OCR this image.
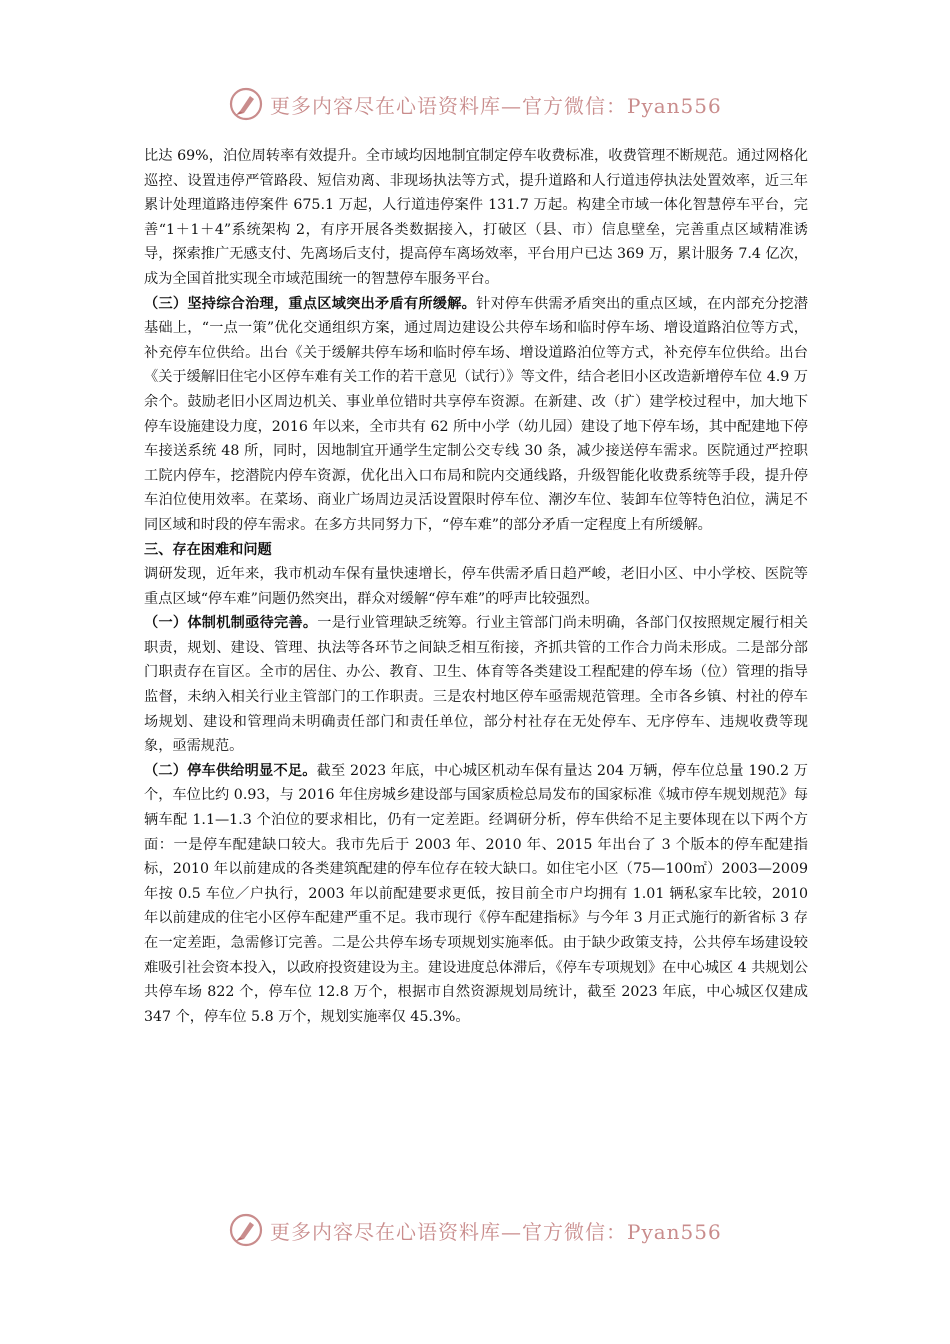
更多内容尽在心语资料库—官方微信：Pyan556

比达 69%，泊位周转率有效提升。全市域均因地制宜制定停车收费标准，收费管理不断规范。通过网格化巡控、设置违停严管路段、短信劝离、非现场执法等方式，提升道路和人行道违停执法处置效率，近三年累计处理道路违停案件 675.1 万起，人行道违停案件 131.7 万起。构建全市域一体化智慧停车平台，完善“1＋1＋4”系统架构 2，有序开展各类数据接入，打破区（县、市）信息壁垒，完善重点区域精准诱导，探索推广无感支付、先离场后支付，提高停车离场效率，平台用户已达 369 万，累计服务 7.4 亿次，成为全国首批实现全市域范围统一的智慧停车服务平台。

（三）坚持综合治理，重点区域突出矛盾有所缓解。针对停车供需矛盾突出的重点区域，在内部充分挖潜基础上，“一点一策”优化交通组织方案，通过周边建设公共停车场和临时停车场、增设道路泊位等方式，补充停车位供给。出台《关于缓解共停车场和临时停车场、增设道路泊位等方式，补充停车位供给。出台《关于缓解旧住宅小区停车难有关工作的若干意见（试行）》等文件，结合老旧小区改造新增停车位 4.9 万余个。鼓励老旧小区周边机关、事业单位错时共享停车资源。在新建、改（扩）建学校过程中，加大地下停车设施建设力度，2016 年以来，全市共有 62 所中小学（幼儿园）建设了地下停车场，其中配建地下停车接送系统 48 所，同时，因地制宜开通学生定制公交专线 30 条，减少接送停车需求。医院通过严控职工院内停车，挖潜院内停车资源，优化出入口布局和院内交通线路，升级智能化收费系统等手段，提升停车泊位使用效率。在菜场、商业广场周边灵活设置限时停车位、潮汐车位、装卸车位等特色泊位，满足不同区域和时段的停车需求。在多方共同努力下，“停车难”的部分矛盾一定程度上有所缓解。

三、存在困难和问题

调研发现，近年来，我市机动车保有量快速增长，停车供需矛盾日趋严峻，老旧小区、中小学校、医院等重点区域“停车难”问题仍然突出，群众对缓解“停车难”的呼声比较强烈。

（一）体制机制亟待完善。一是行业管理缺乏统筹。行业主管部门尚未明确，各部门仅按照规定履行相关职责，规划、建设、管理、执法等各环节之间缺乏相互衔接，齐抓共管的工作合力尚未形成。二是部分部门职责存在盲区。全市的居住、办公、教育、卫生、体育等各类建设工程配建的停车场（位）管理的指导监督，未纳入相关行业主管部门的工作职责。三是农村地区停车亟需规范管理。全市各乡镇、村社的停车场规划、建设和管理尚未明确责任部门和责任单位，部分村社存在无处停车、无序停车、违规收费等现象，亟需规范。

（二）停车供给明显不足。截至 2023 年底，中心城区机动车保有量达 204 万辆，停车位总量 190.2 万个，车位比约 0.93，与 2016 年住房城乡建设部与国家质检总局发布的国家标准《城市停车规划规范》每辆车配 1.1—1.3 个泊位的要求相比，仍有一定差距。经调研分析，停车供给不足主要体现在以下两个方面：一是停车配建缺口较大。我市先后于 2003 年、2010 年、2015 年出台了 3 个版本的停车配建指标，2010 年以前建成的各类建筑配建的停车位存在较大缺口。如住宅小区（75—100㎡）2003—2009 年按 0.5 车位／户执行，2003 年以前配建要求更低，按目前全市户均拥有 1.01 辆私家车比较，2010 年以前建成的住宅小区停车配建严重不足。我市现行《停车配建指标》与今年 3 月正式施行的新省标 3 存在一定差距，急需修订完善。二是公共停车场专项规划实施率低。由于缺少政策支持，公共停车场建设较难吸引社会资本投入，以政府投资建设为主。建设进度总体滞后，《停车专项规划》在中心城区 4 共规划公共停车场 822 个，停车位 12.8 万个，根据市自然资源规划局统计，截至 2023 年底，中心城区仅建成 347 个，停车位 5.8 万个，规划实施率仅 45.3%。

更多内容尽在心语资料库—官方微信：Pyan556
